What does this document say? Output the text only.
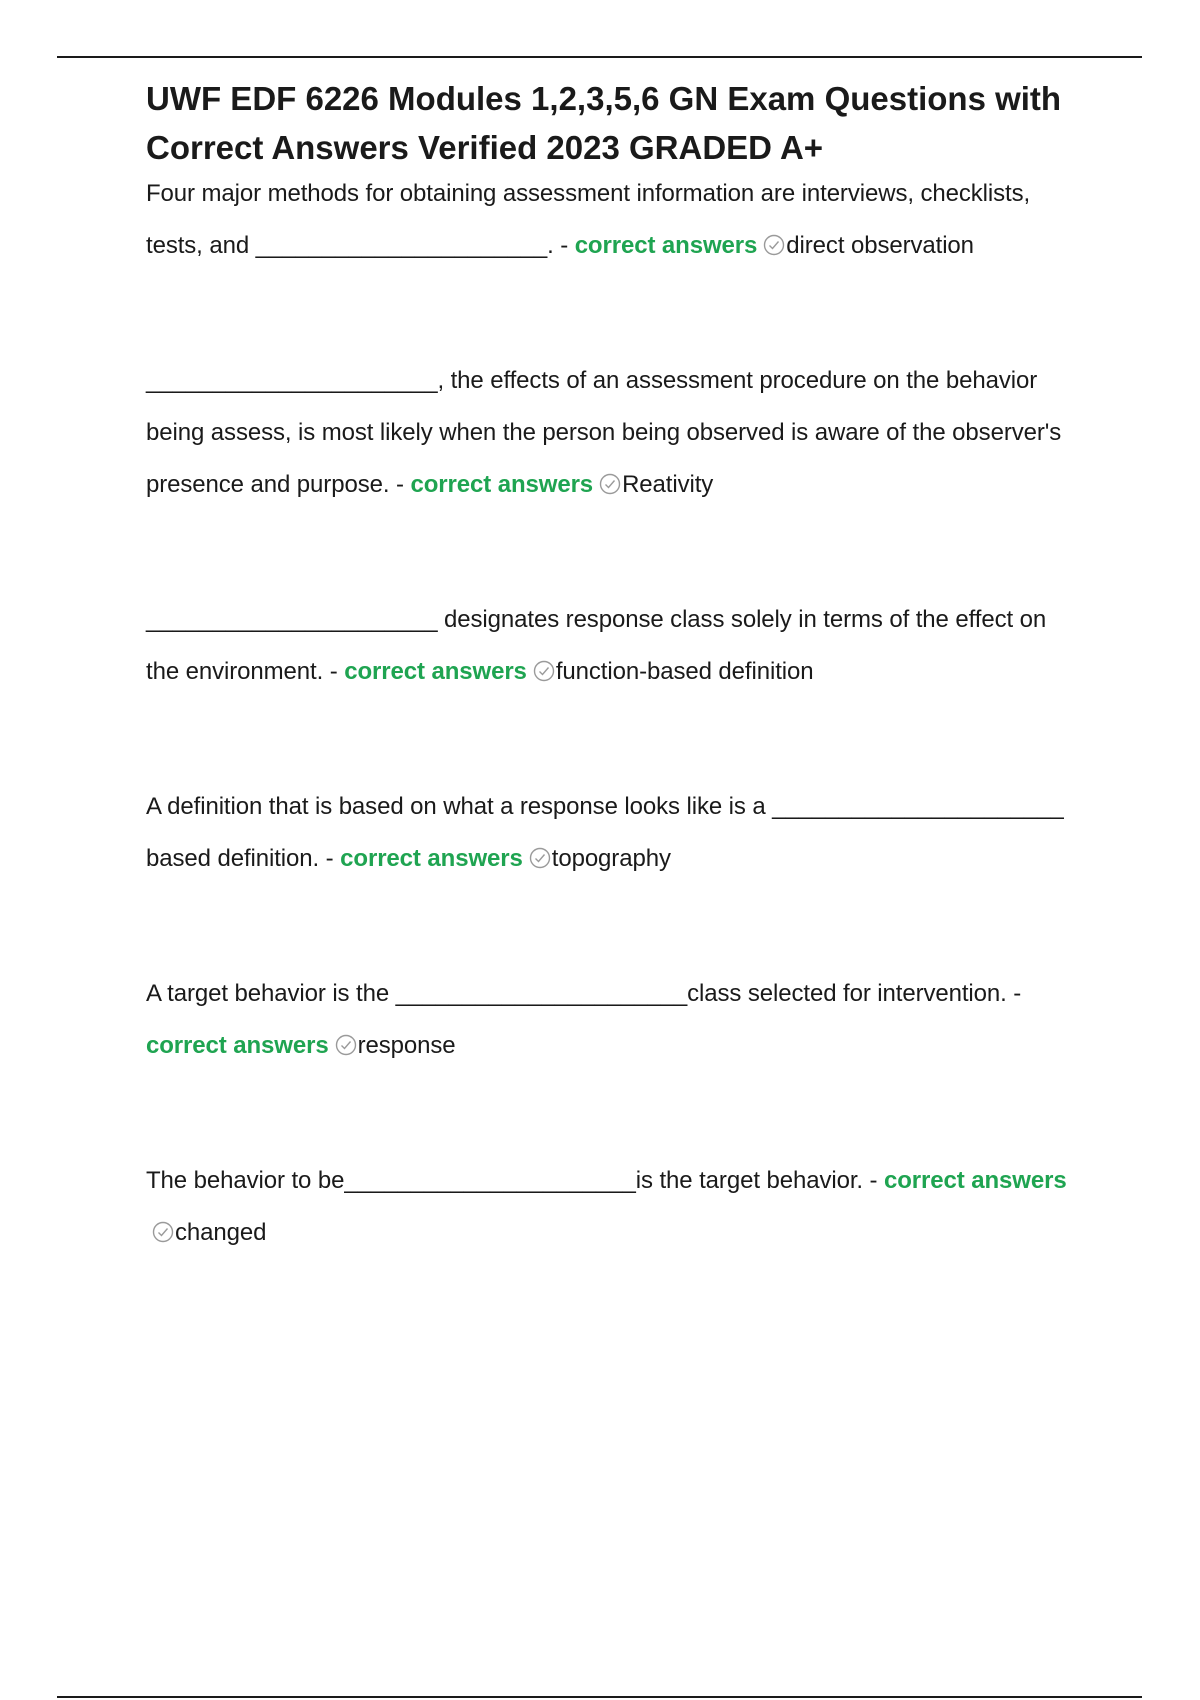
UWF EDF 6226 Modules 1,2,3,5,6 GN Exam Questions with Correct Answers Verified 2023 GRADED A+

Four major methods for obtaining assessment information are interviews, checklists, tests, and ______________________. - correct answers direct observation

______________________, the effects of an assessment procedure on the behavior being assess, is most likely when the person being observed is aware of the observer's presence and purpose. - correct answers Reativity

______________________ designates response class solely in terms of the effect on the environment. - correct answers function-based definition

A definition that is based on what a response looks like is a ______________________ based definition. - correct answers topography

A target behavior is the ______________________class selected for intervention. - correct answers response

The behavior to be______________________is the target behavior. - correct answers
changed
